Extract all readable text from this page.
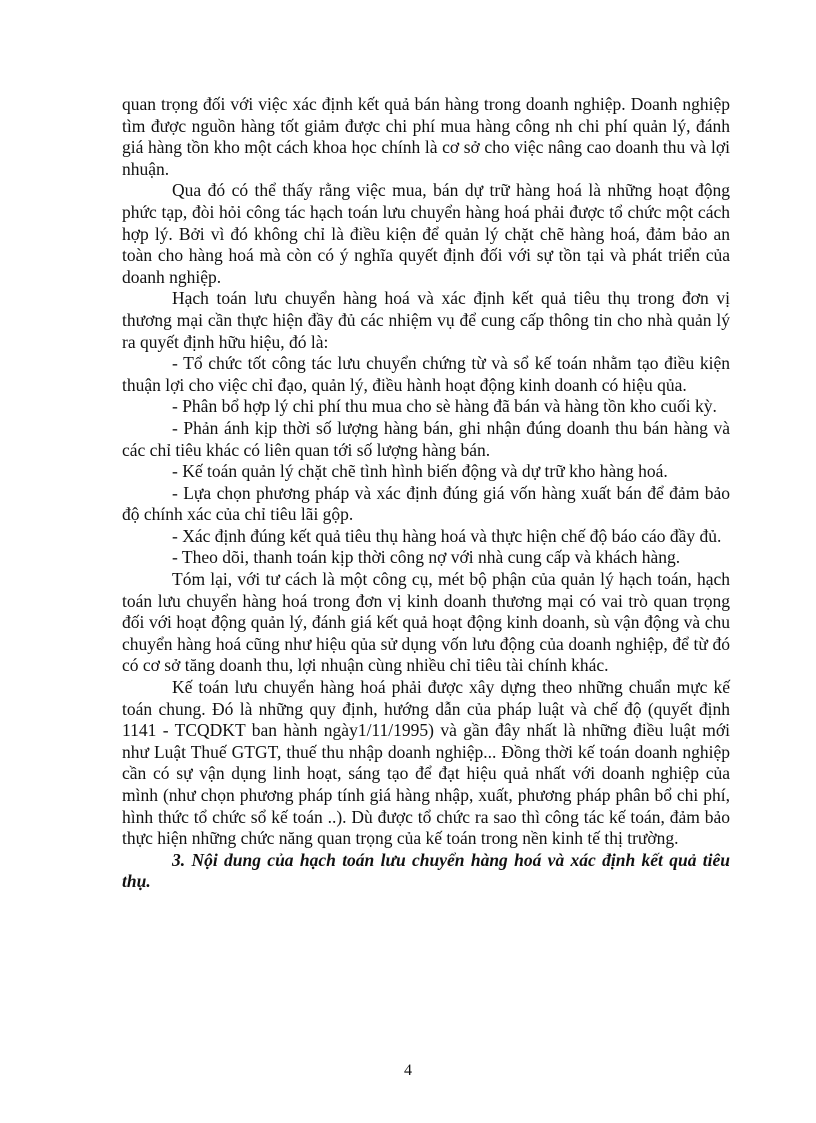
quan trọng đối với việc xác định kết quả bán hàng trong doanh nghiệp. Doanh nghiệp tìm được nguồn hàng tốt giảm được chi phí mua hàng công nh chi phí quản lý, đánh giá hàng tồn kho một cách khoa học chính là cơ sở cho việc nâng cao doanh thu và lợi nhuận.

Qua đó có thể thấy rằng việc mua, bán dự trữ hàng hoá là những hoạt động phức tạp, đòi hỏi công tác hạch toán lưu chuyển hàng hoá phải được tổ chức một cách hợp lý. Bởi vì đó không chỉ là điều kiện để quản lý chặt chẽ hàng hoá, đảm bảo an toàn cho hàng hoá mà còn có ý nghĩa quyết định đối với sự tồn tại và phát triển của doanh nghiệp.

Hạch toán lưu chuyển hàng hoá và xác định kết quả tiêu thụ trong đơn vị thương mại cần thực hiện đầy đủ các nhiệm vụ để cung cấp thông tin cho nhà quản lý ra quyết định hữu hiệu, đó là:

- Tổ chức tốt công tác lưu chuyển chứng từ và sổ kế toán nhằm tạo điều kiện thuận lợi cho việc chỉ đạo, quản lý, điều hành hoạt động kinh doanh có hiệu qủa.

- Phân bổ hợp lý chi phí thu mua cho sè hàng đã bán và hàng tồn kho cuối kỳ.

- Phản ánh kịp thời số lượng hàng bán, ghi nhận đúng doanh thu bán hàng và các chỉ tiêu khác có liên quan tới số lượng hàng bán.

- Kế toán quản lý chặt chẽ tình hình biến động và dự trữ kho hàng hoá.

- Lựa chọn phương pháp và xác định đúng giá vốn hàng xuất bán để đảm bảo độ chính xác của chỉ tiêu lãi gộp.

- Xác định đúng kết quả tiêu thụ hàng hoá và thực hiện chế độ báo cáo đầy đủ.

- Theo dõi, thanh toán kịp thời công nợ với nhà cung cấp và khách hàng.

Tóm lại, với tư cách là một công cụ, mét bộ phận của quản lý hạch toán, hạch toán lưu chuyển hàng hoá trong đơn vị kinh doanh thương mại có vai trò quan trọng đối với hoạt động quản lý, đánh giá kết quả hoạt động kinh doanh, sù vận động và chu chuyển hàng hoá cũng như hiệu qủa sử dụng vốn lưu động của doanh nghiệp, để từ đó có cơ sở tăng doanh thu, lợi nhuận cùng nhiều chỉ tiêu tài chính khác.

Kế toán lưu chuyển hàng hoá phải được xây dựng theo những chuẩn mực kế toán chung. Đó là những quy định, hướng dẫn của pháp luật và chế độ (quyết định 1141 - TCQDKT ban hành ngày1/11/1995) và gần đây nhất là những điều luật mới như Luật Thuế GTGT, thuế thu nhập doanh nghiệp... Đồng thời kế toán doanh nghiệp cần có sự vận dụng linh hoạt, sáng tạo để đạt hiệu quả nhất với doanh nghiệp của mình (như chọn phương pháp tính giá hàng nhập, xuất, phương pháp phân bổ chi phí, hình thức tổ chức sổ kế toán ..). Dù được tổ chức ra sao thì công tác kế toán, đảm bảo thực hiện những chức năng quan trọng của kế toán trong nền kinh tế thị trường.

3. Nội dung của hạch toán lưu chuyển hàng hoá và xác định kết quả tiêu thụ.

4
